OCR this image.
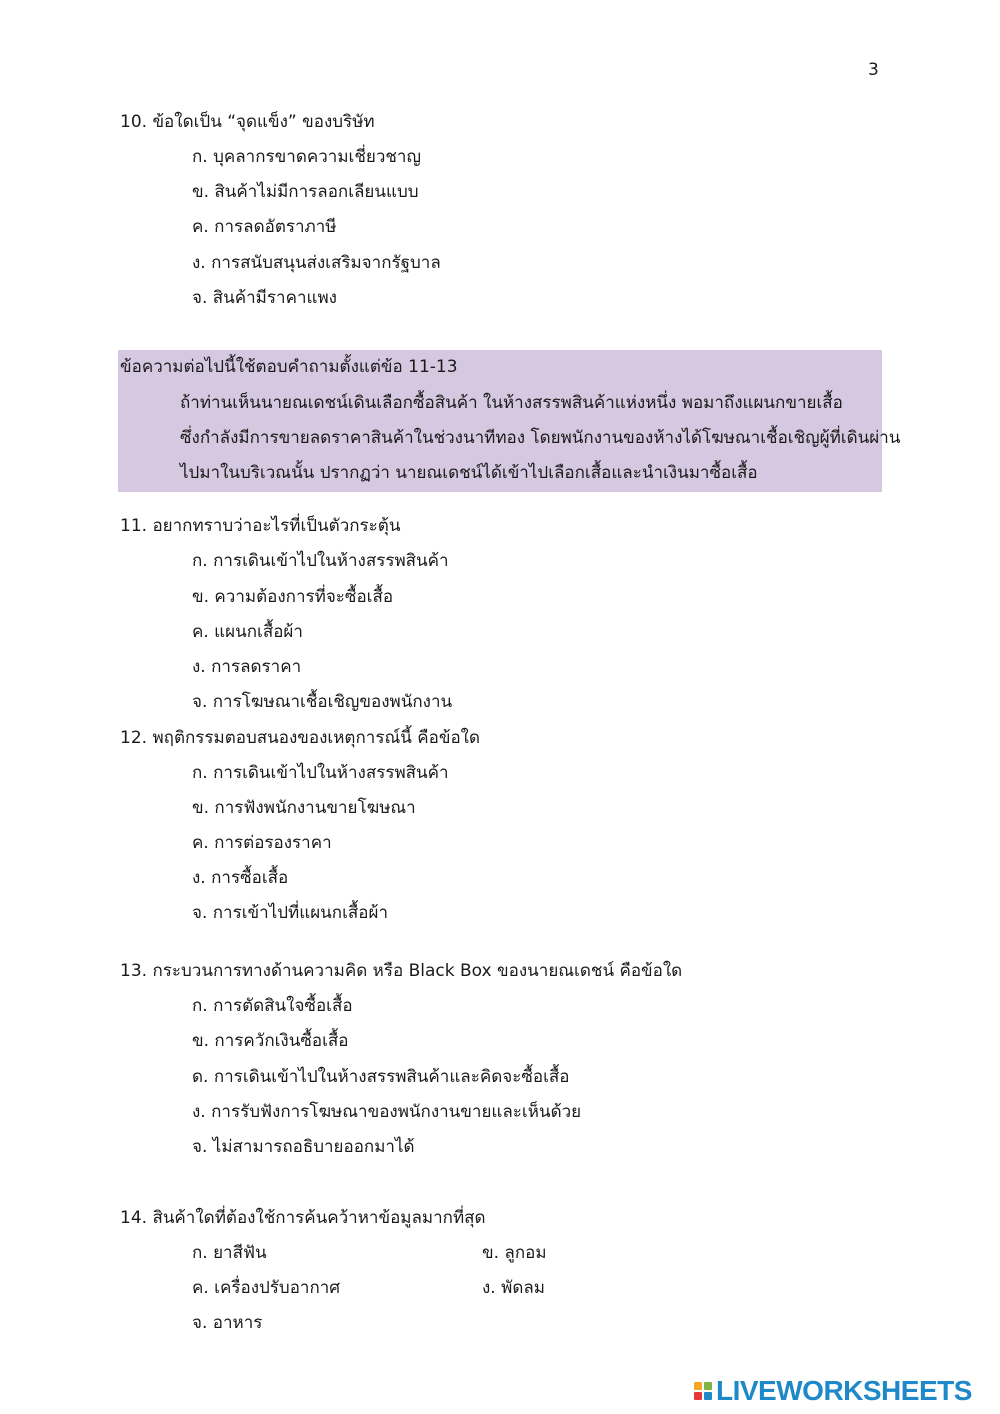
3
10. ข้อใดเป็น “จุดแข็ง” ของบริษัท
ก. บุคลากรขาดความเชี่ยวชาญ
ข. สินค้าไม่มีการลอกเลียนแบบ
ค. การลดอัตราภาษี
ง. การสนับสนุนส่งเสริมจากรัฐบาล
จ. สินค้ามีราคาแพง
ข้อความต่อไปนี้ใช้ตอบคำถามตั้งแต่ข้อ 11-13
ถ้าท่านเห็นนายณเดชน์เดินเลือกซื้อสินค้า ในห้างสรรพสินค้าแห่งหนึ่ง พอมาถึงแผนกขายเสื้อ
ซึ่งกำลังมีการขายลดราคาสินค้าในช่วงนาทีทอง โดยพนักงานของห้างได้โฆษณาเชื้อเชิญผู้ที่เดินผ่าน
ไปมาในบริเวณนั้น ปรากฏว่า นายณเดชน์ได้เข้าไปเลือกเสื้อและนำเงินมาซื้อเสื้อ
11. อยากทราบว่าอะไรที่เป็นตัวกระตุ้น
ก. การเดินเข้าไปในห้างสรรพสินค้า
ข. ความต้องการที่จะซื้อเสื้อ
ค. แผนกเสื้อผ้า
ง. การลดราคา
จ. การโฆษณาเชื้อเชิญของพนักงาน
12. พฤติกรรมตอบสนองของเหตุการณ์นี้ คือข้อใด
ก. การเดินเข้าไปในห้างสรรพสินค้า
ข. การฟังพนักงานขายโฆษณา
ค. การต่อรองราคา
ง. การซื้อเสื้อ
จ. การเข้าไปที่แผนกเสื้อผ้า
13. กระบวนการทางด้านความคิด หรือ Black Box ของนายณเดชน์ คือข้อใด
ก. การตัดสินใจซื้อเสื้อ
ข. การควักเงินซื้อเสื้อ
ด. การเดินเข้าไปในห้างสรรพสินค้าและคิดจะซื้อเสื้อ
ง. การรับฟังการโฆษณาของพนักงานขายและเห็นด้วย
จ. ไม่สามารถอธิบายออกมาได้
14. สินค้าใดที่ต้องใช้การค้นคว้าหาข้อมูลมากที่สุด
ก. ยาสีฟัน	ข. ลูกอม
ค. เครื่องปรับอากาศ	ง. พัดลม
จ. อาหาร
LIVEWORKSHEETS
